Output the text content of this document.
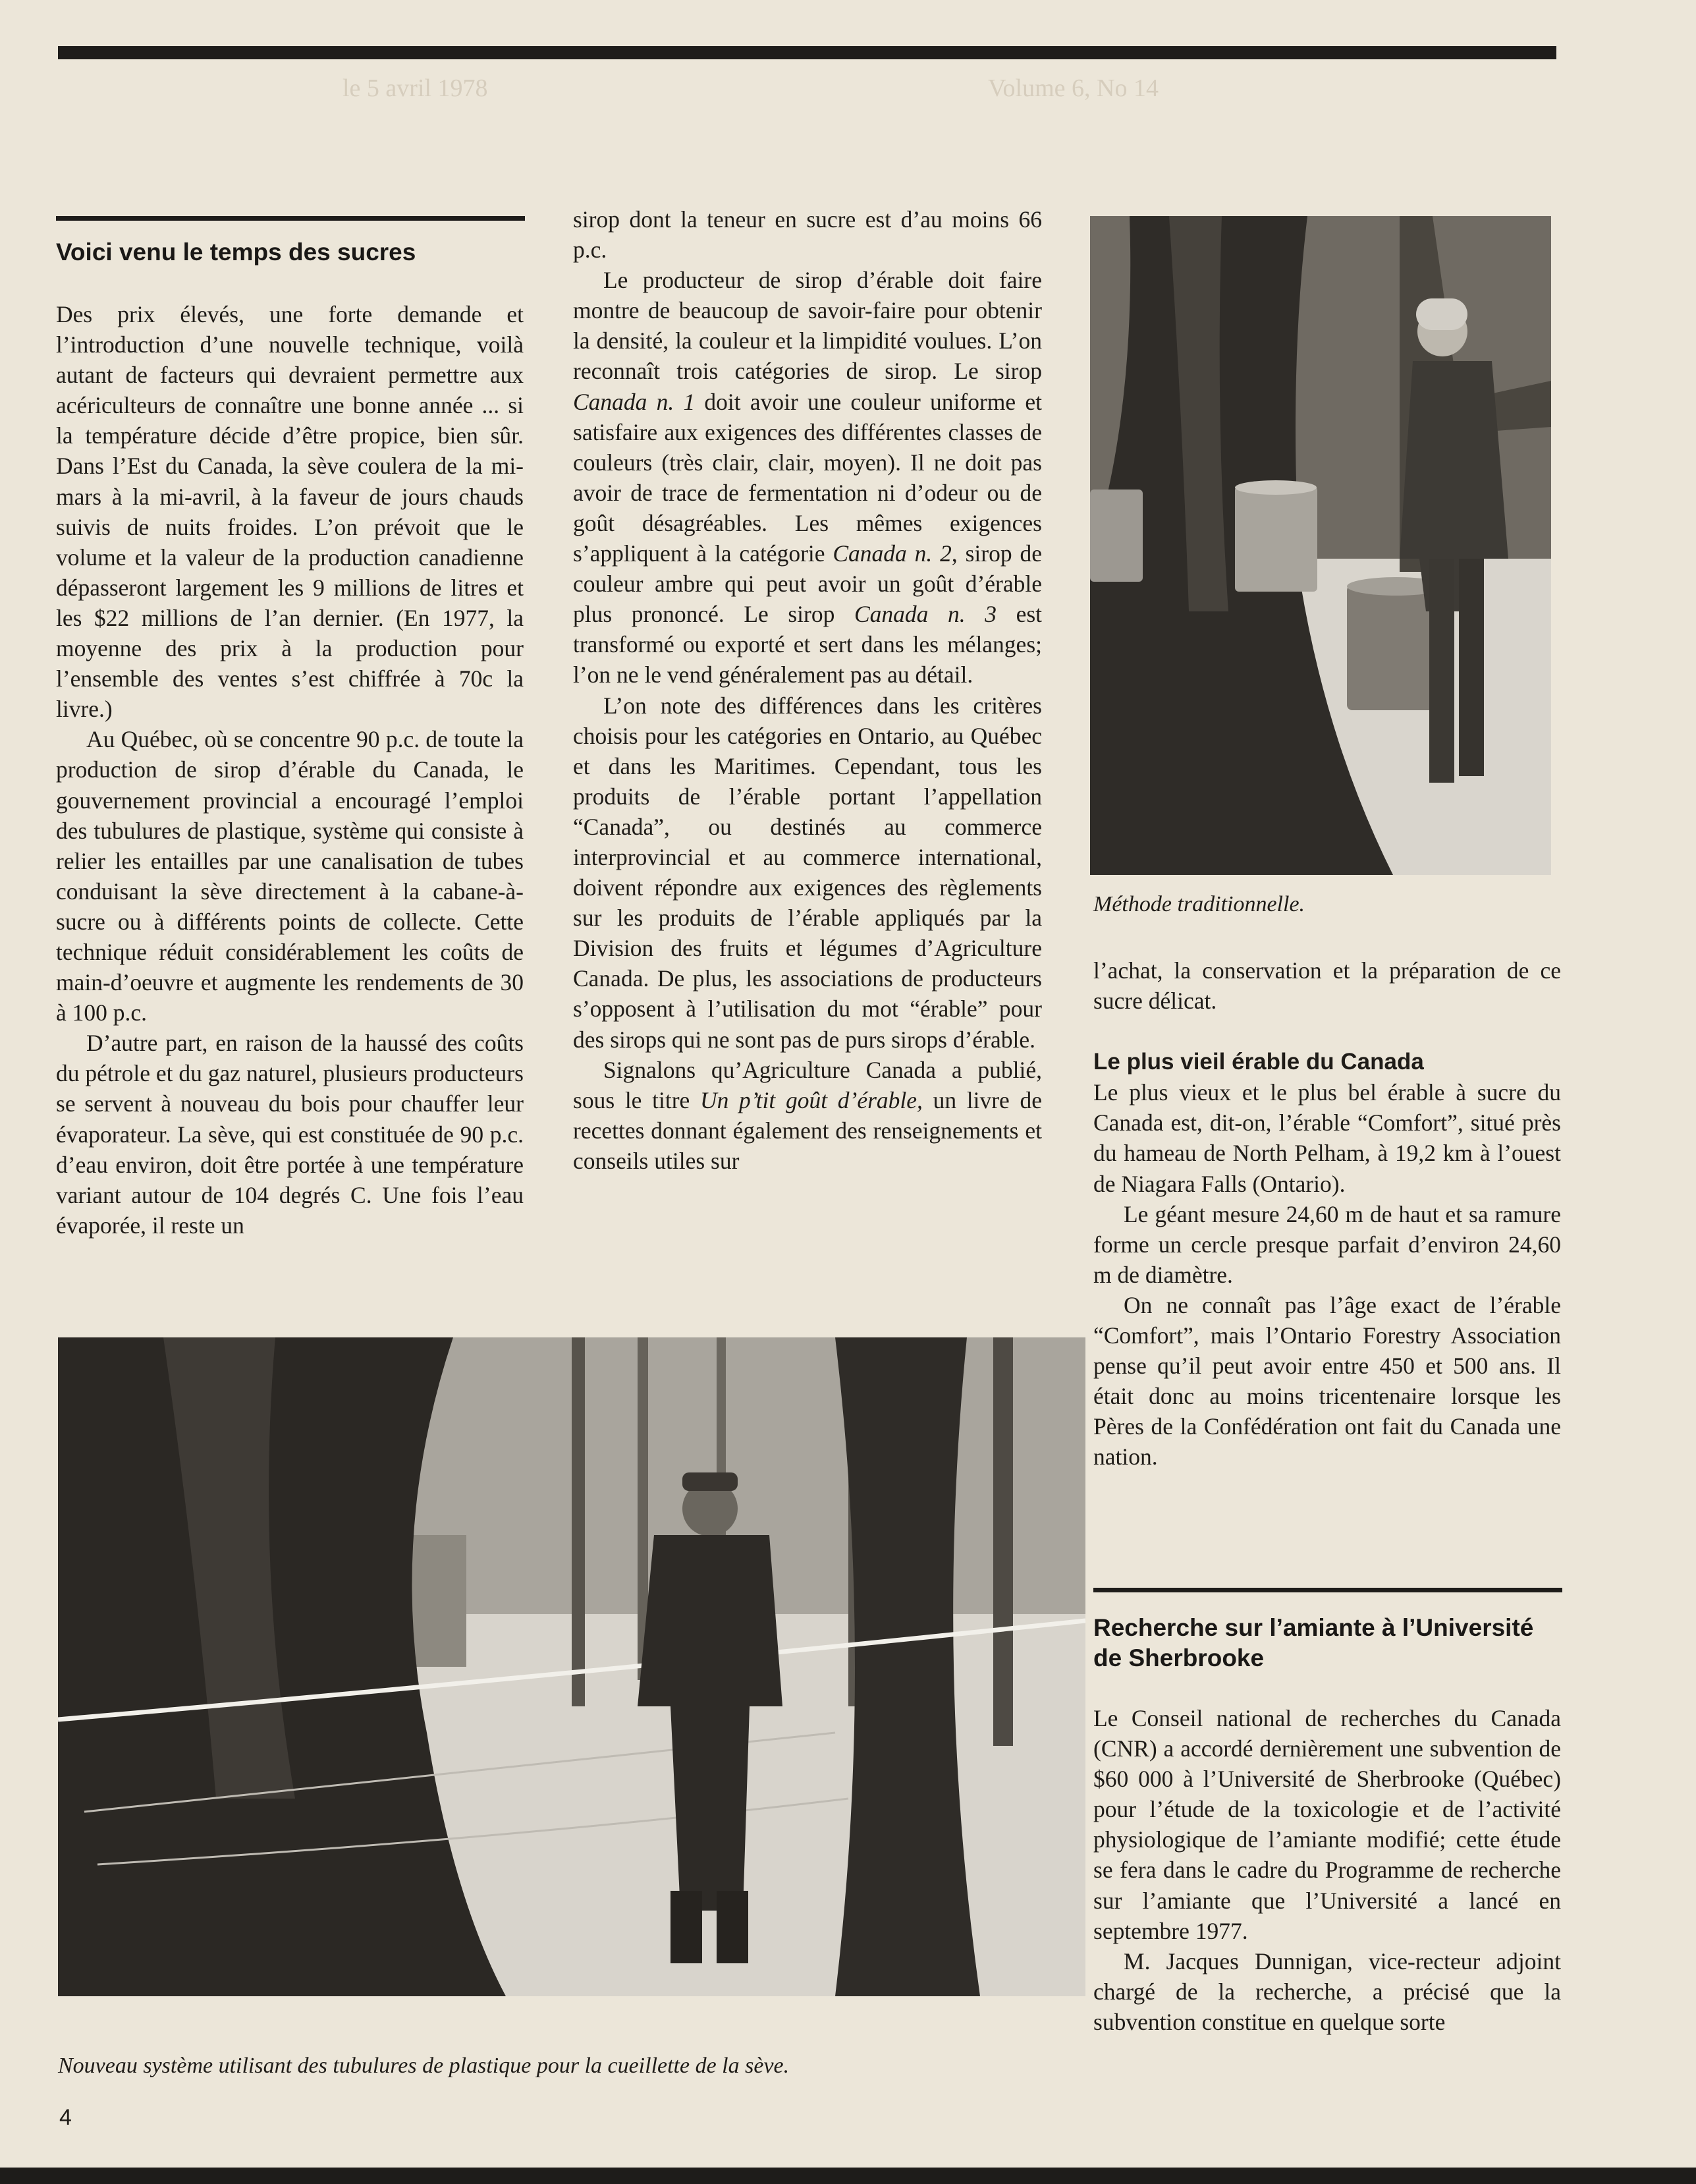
Volume 6, No 14
le 5 avril 1978
Voici venu le temps des sucres

Des prix élevés, une forte demande et l’introduction d’une nouvelle technique, voilà autant de facteurs qui devraient permettre aux acériculteurs de connaître une bonne année ... si la température décide d’être propice, bien sûr. Dans l’Est du Canada, la sève coulera de la mi-mars à la mi-avril, à la faveur de jours chauds suivis de nuits froides. L’on prévoit que le volume et la valeur de la production canadienne dépasseront largement les 9 millions de litres et les $22 millions de l’an dernier. (En 1977, la moyenne des prix à la production pour l’ensemble des ventes s’est chiffrée à 70c la livre.)

Au Québec, où se concentre 90 p.c. de toute la production de sirop d’érable du Canada, le gouvernement provincial a encouragé l’emploi des tubulures de plastique, système qui consiste à relier les entailles par une canalisation de tubes conduisant la sève directement à la cabane-à-sucre ou à différents points de collecte. Cette technique réduit considérablement les coûts de main-d’oeuvre et augmente les rendements de 30 à 100 p.c.

D’autre part, en raison de la haussé des coûts du pétrole et du gaz naturel, plusieurs producteurs se servent à nouveau du bois pour chauffer leur évaporateur. La sève, qui est constituée de 90 p.c. d’eau environ, doit être portée à une température variant autour de 104 degrés C. Une fois l’eau évaporée, il reste un

sirop dont la teneur en sucre est d’au moins 66 p.c.

Le producteur de sirop d’érable doit faire montre de beaucoup de savoir-faire pour obtenir la densité, la couleur et la limpidité voulues. L’on reconnaît trois catégories de sirop. Le sirop Canada n. 1 doit avoir une couleur uniforme et satisfaire aux exigences des différentes classes de couleurs (très clair, clair, moyen). Il ne doit pas avoir de trace de fermentation ni d’odeur ou de goût désagréables. Les mêmes exigences s’appliquent à la catégorie Canada n. 2, sirop de couleur ambre qui peut avoir un goût d’érable plus prononcé. Le sirop Canada n. 3 est transformé ou exporté et sert dans les mélanges; l’on ne le vend généralement pas au détail.

L’on note des différences dans les critères choisis pour les catégories en Ontario, au Québec et dans les Maritimes. Cependant, tous les produits de l’érable portant l’appellation “Canada”, ou destinés au commerce interprovincial et au commerce international, doivent répondre aux exigences des règlements sur les produits de l’érable appliqués par la Division des fruits et légumes d’Agriculture Canada. De plus, les associations de producteurs s’opposent à l’utilisation du mot “érable” pour des sirops qui ne sont pas de purs sirops d’érable.

Signalons qu’Agriculture Canada a publié, sous le titre Un p’tit goût d’érable, un livre de recettes donnant également des renseignements et conseils utiles sur

Méthode traditionnelle.

l’achat, la conservation et la préparation de ce sucre délicat.

Le plus vieil érable du Canada

Le plus vieux et le plus bel érable à sucre du Canada est, dit-on, l’érable “Comfort”, situé près du hameau de North Pelham, à 19,2 km à l’ouest de Niagara Falls (Ontario).

Le géant mesure 24,60 m de haut et sa ramure forme un cercle presque parfait d’environ 24,60 m de diamètre.

On ne connaît pas l’âge exact de l’érable “Comfort”, mais l’Ontario Forestry Association pense qu’il peut avoir entre 450 et 500 ans. Il était donc au moins tricentenaire lorsque les Pères de la Confédération ont fait du Canada une nation.

Recherche sur l’amiante à l’Université de Sherbrooke

Le Conseil national de recherches du Canada (CNR) a accordé dernièrement une subvention de $60 000 à l’Université de Sherbrooke (Québec) pour l’étude de la toxicologie et de l’activité physiologique de l’amiante modifié; cette étude se fera dans le cadre du Programme de recherche sur l’amiante que l’Université a lancé en septembre 1977.

M. Jacques Dunnigan, vice-recteur adjoint chargé de la recherche, a précisé que la subvention constitue en quelque sorte

Nouveau système utilisant des tubulures de plastique pour la cueillette de la sève.

4
